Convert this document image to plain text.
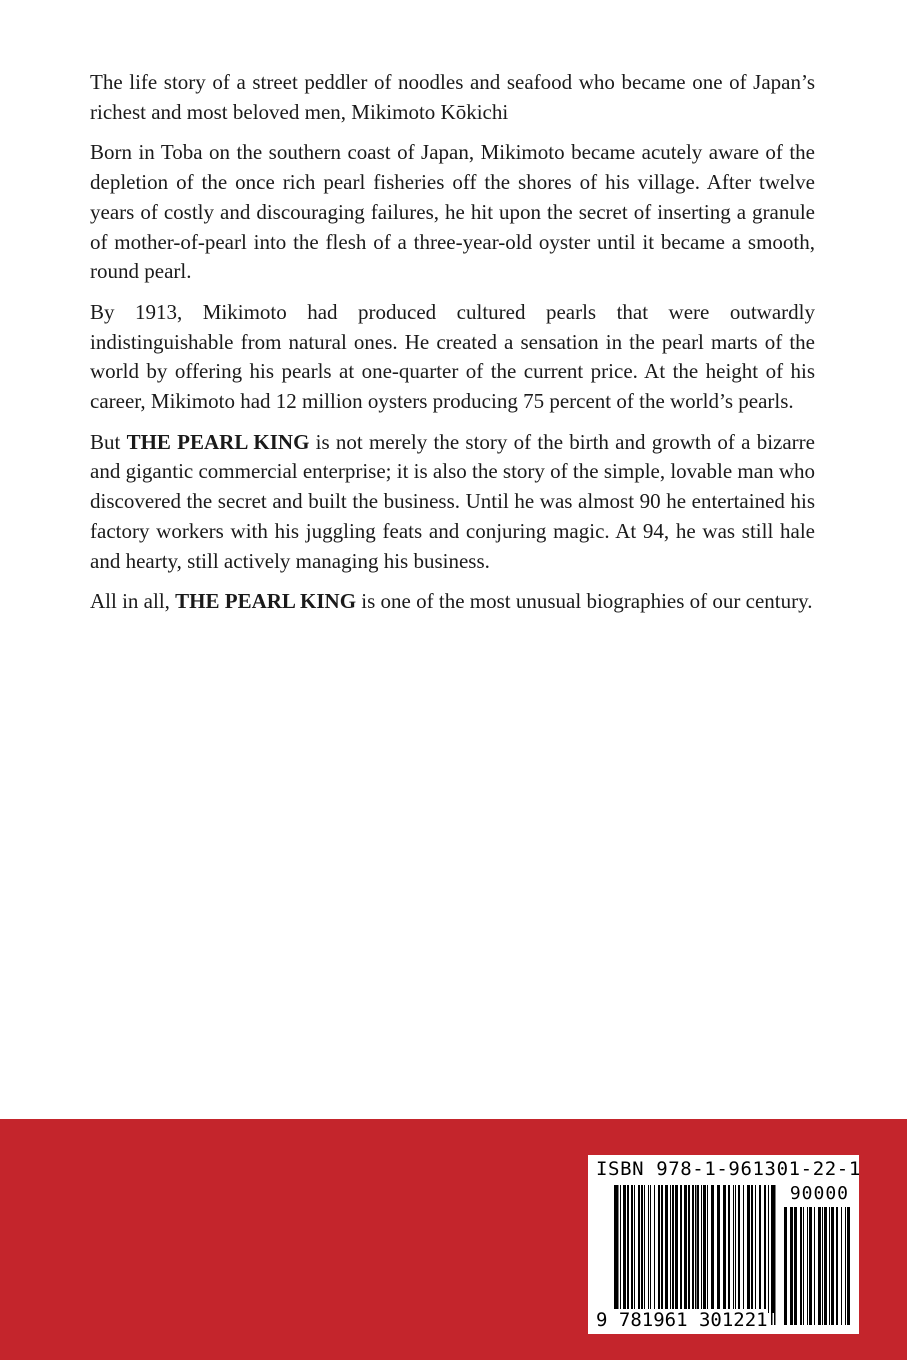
The life story of a street peddler of noodles and seafood who became one of Japan’s richest and most beloved men, Mikimoto Kōkichi

Born in Toba on the southern coast of Japan, Mikimoto became acutely aware of the depletion of the once rich pearl fisheries off the shores of his village. After twelve years of costly and discouraging failures, he hit upon the secret of inserting a granule of mother-of-pearl into the flesh of a three-year-old oyster until it became a smooth, round pearl.

By 1913, Mikimoto had produced cultured pearls that were outwardly indistinguishable from natural ones. He created a sensation in the pearl marts of the world by offering his pearls at one-quarter of the current price. At the height of his career, Mikimoto had 12 million oysters producing 75 percent of the world’s pearls.

But THE PEARL KING is not merely the story of the birth and growth of a bizarre and gigantic commercial enterprise; it is also the story of the simple, lovable man who discovered the secret and built the business. Until he was almost 90 he entertained his factory workers with his juggling feats and conjuring magic. At 94, he was still hale and hearty, still actively managing his business.

All in all, THE PEARL KING is one of the most unusual biographies of our century.

ISBN 978-1-961301-22-1
90000
9 781961 301221
